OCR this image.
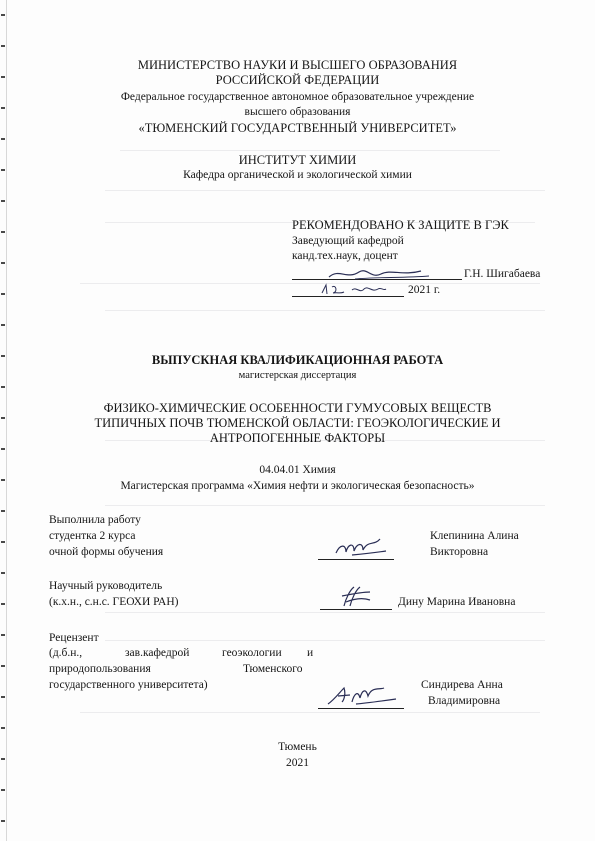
МИНИСТЕРСТВО НАУКИ И ВЫСШЕГО ОБРАЗОВАНИЯ
РОССИЙСКОЙ ФЕДЕРАЦИИ
Федеральное государственное автономное образовательное учреждение
высшего образования
«ТЮМЕНСКИЙ ГОСУДАРСТВЕННЫЙ УНИВЕРСИТЕТ»
ИНСТИТУТ ХИМИИ
Кафедра органической и экологической химии
РЕКОМЕНДОВАНО К ЗАЩИТЕ В ГЭК
Заведующий кафедрой
канд.тех.наук, доцент
Г.Н. Шигабаева
2021 г.
ВЫПУСКНАЯ КВАЛИФИКАЦИОННАЯ РАБОТА
магистерская диссертация
ФИЗИКО-ХИМИЧЕСКИЕ ОСОБЕННОСТИ ГУМУСОВЫХ ВЕЩЕСТВ
ТИПИЧНЫХ ПОЧВ ТЮМЕНСКОЙ ОБЛАСТИ: ГЕОЭКОЛОГИЧЕСКИЕ И
АНТРОПОГЕННЫЕ ФАКТОРЫ
04.04.01 Химия
Магистерская программа «Химия нефти и экологическая безопасность»
Выполнила работу
студентка 2 курса
очной формы обучения
Клепинина Алина
Викторовна
Научный руководитель
(к.х.н., с.н.с. ГЕОХИ РАН)	Дину Марина Ивановна
Рецензент
(д.б.н.,	зав.кафедрой	геоэкологии и
природопользования	Тюменского
государственного университета)	Синдирева Анна
Владимировна
Тюмень
2021
